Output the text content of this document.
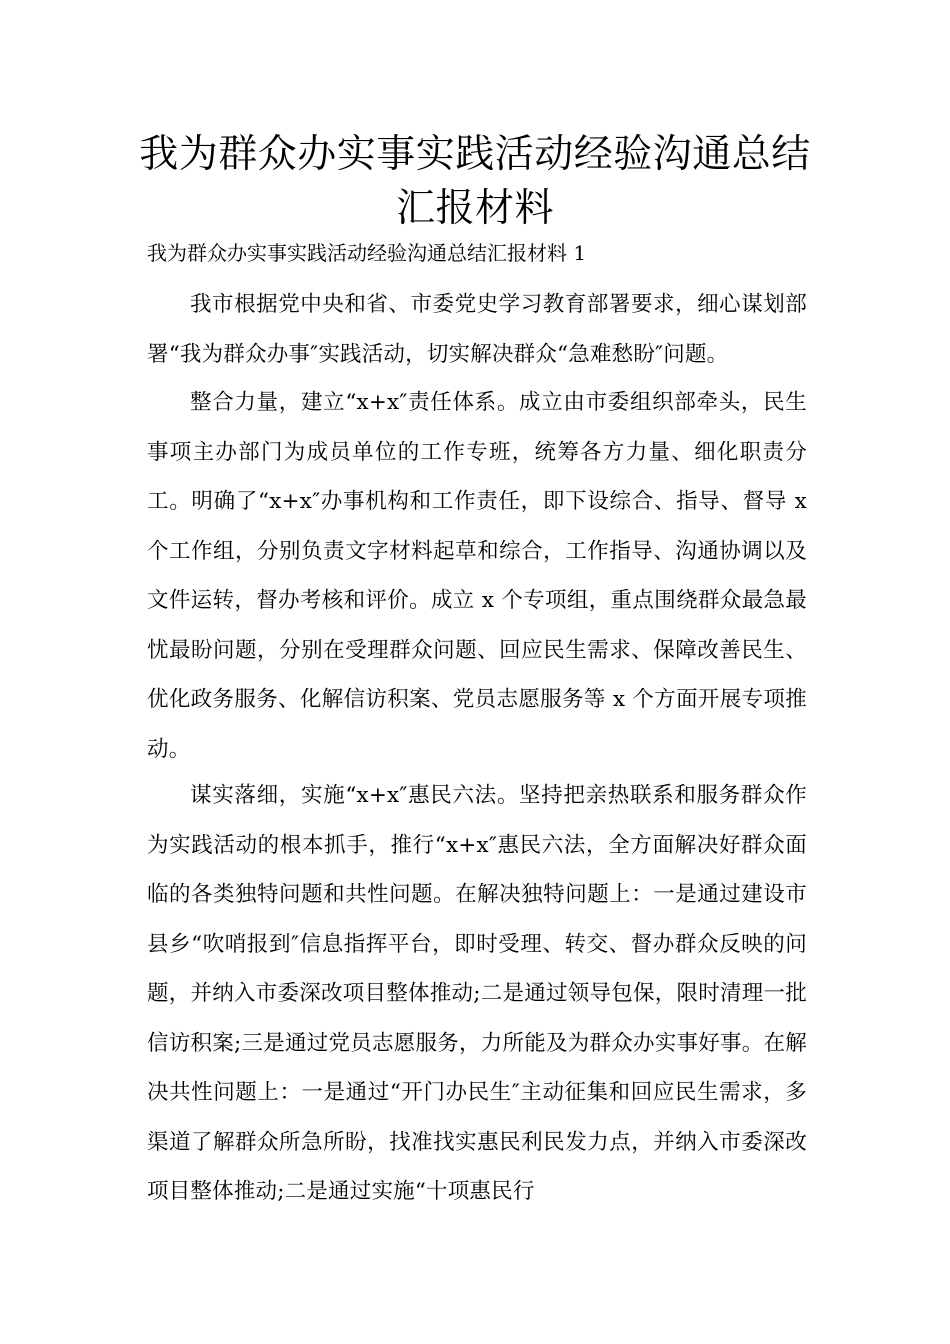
我为群众办实事实践活动经验沟通总结汇报材料

我为群众办实事实践活动经验沟通总结汇报材料 1

我市根据党中央和省、市委党史学习教育部署要求，细心谋划部署“我为群众办事″实践活动，切实解决群众“急难愁盼″问题。

整合力量，建立“x+x″责任体系。成立由市委组织部牵头，民生事项主办部门为成员单位的工作专班，统筹各方力量、细化职责分工。明确了“x+x″办事机构和工作责任，即下设综合、指导、督导 x 个工作组，分别负责文字材料起草和综合，工作指导、沟通协调以及文件运转，督办考核和评价。成立 x 个专项组，重点围绕群众最急最忧最盼问题，分别在受理群众问题、回应民生需求、保障改善民生、优化政务服务、化解信访积案、党员志愿服务等 x 个方面开展专项推动。

谋实落细，实施“x+x″惠民六法。坚持把亲热联系和服务群众作为实践活动的根本抓手，推行“x+x″惠民六法，全方面解决好群众面临的各类独特问题和共性问题。在解决独特问题上：一是通过建设市县乡“吹哨报到″信息指挥平台，即时受理、转交、督办群众反映的问题，并纳入市委深改项目整体推动;二是通过领导包保，限时清理一批信访积案;三是通过党员志愿服务，力所能及为群众办实事好事。在解决共性问题上：一是通过“开门办民生″主动征集和回应民生需求，多渠道了解群众所急所盼，找准找实惠民利民发力点，并纳入市委深改项目整体推动;二是通过实施“十项惠民行
